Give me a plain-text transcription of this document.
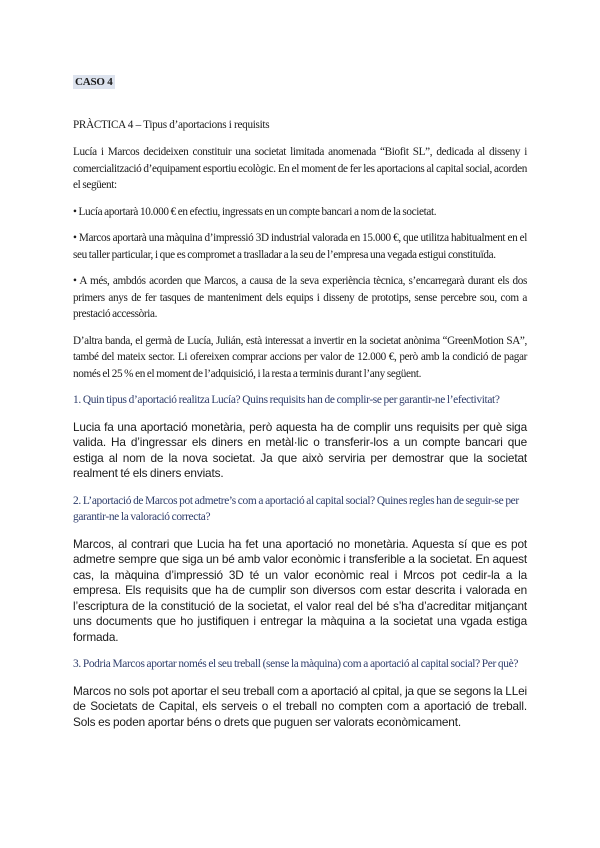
CASO 4
PRÀCTICA 4 – Tipus d’aportacions i requisits

Lucía i Marcos decideixen constituir una societat limitada anomenada “Biofit SL”, dedicada al disseny i comercialització d’equipament esportiu ecològic. En el moment de fer les aportacions al capital social, acorden el següent:

• Lucía aportarà 10.000 € en efectiu, ingressats en un compte bancari a nom de la societat.

• Marcos aportarà una màquina d’impressió 3D industrial valorada en 15.000 €, que utilitza habitualment en el seu taller particular, i que es compromet a traslladar a la seu de l’empresa una vegada estigui constituïda.

• A més, ambdós acorden que Marcos, a causa de la seva experiència tècnica, s’encarregarà durant els dos primers anys de fer tasques de manteniment dels equips i disseny de prototips, sense percebre sou, com a prestació accessòria.

D’altra banda, el germà de Lucía, Julián, està interessat a invertir en la societat anònima “GreenMotion SA”, també del mateix sector. Li ofereixen comprar accions per valor de 12.000 €, però amb la condició de pagar només el 25 % en el moment de l’adquisició, i la resta a terminis durant l’any següent.

1. Quin tipus d’aportació realitza Lucía? Quins requisits han de complir-se per garantir-ne l’efectivitat?

Lucia fa una aportació monetària, però aquesta ha de complir uns requisits per què siga valida. Ha d’ingressar els diners en metàl·lic o transferir-los a un compte bancari que estiga al nom de la nova societat. Ja que això serviria per demostrar que la societat realment té els diners enviats.

2. L’aportació de Marcos pot admetre’s com a aportació al capital social? Quines regles han de seguir-se per garantir-ne la valoració correcta?

Marcos, al contrari que Lucia ha fet una aportació no monetària. Aquesta sí que es pot admetre sempre que siga un bé amb valor econòmic i transferible a la societat. En aquest cas, la màquina d’impressió 3D té un valor econòmic real i Mrcos pot cedir-la a la empresa. Els requisits que ha de cumplir son diversos com estar descrita i valorada en l’escriptura de la constitució de la societat, el valor real del bé s’ha d’acreditar mitjançant uns documents que ho justifiquen i entregar la màquina a la societat una vgada estiga formada.

3. Podria Marcos aportar només el seu treball (sense la màquina) com a aportació al capital social? Per què?

Marcos no sols pot aportar el seu treball com a aportació al cpital, ja que se segons la LLei de Societats de Capital, els serveis o el treball no compten com a aportació de treball. Sols es poden aportar béns o drets que puguen ser valorats econòmicament.
